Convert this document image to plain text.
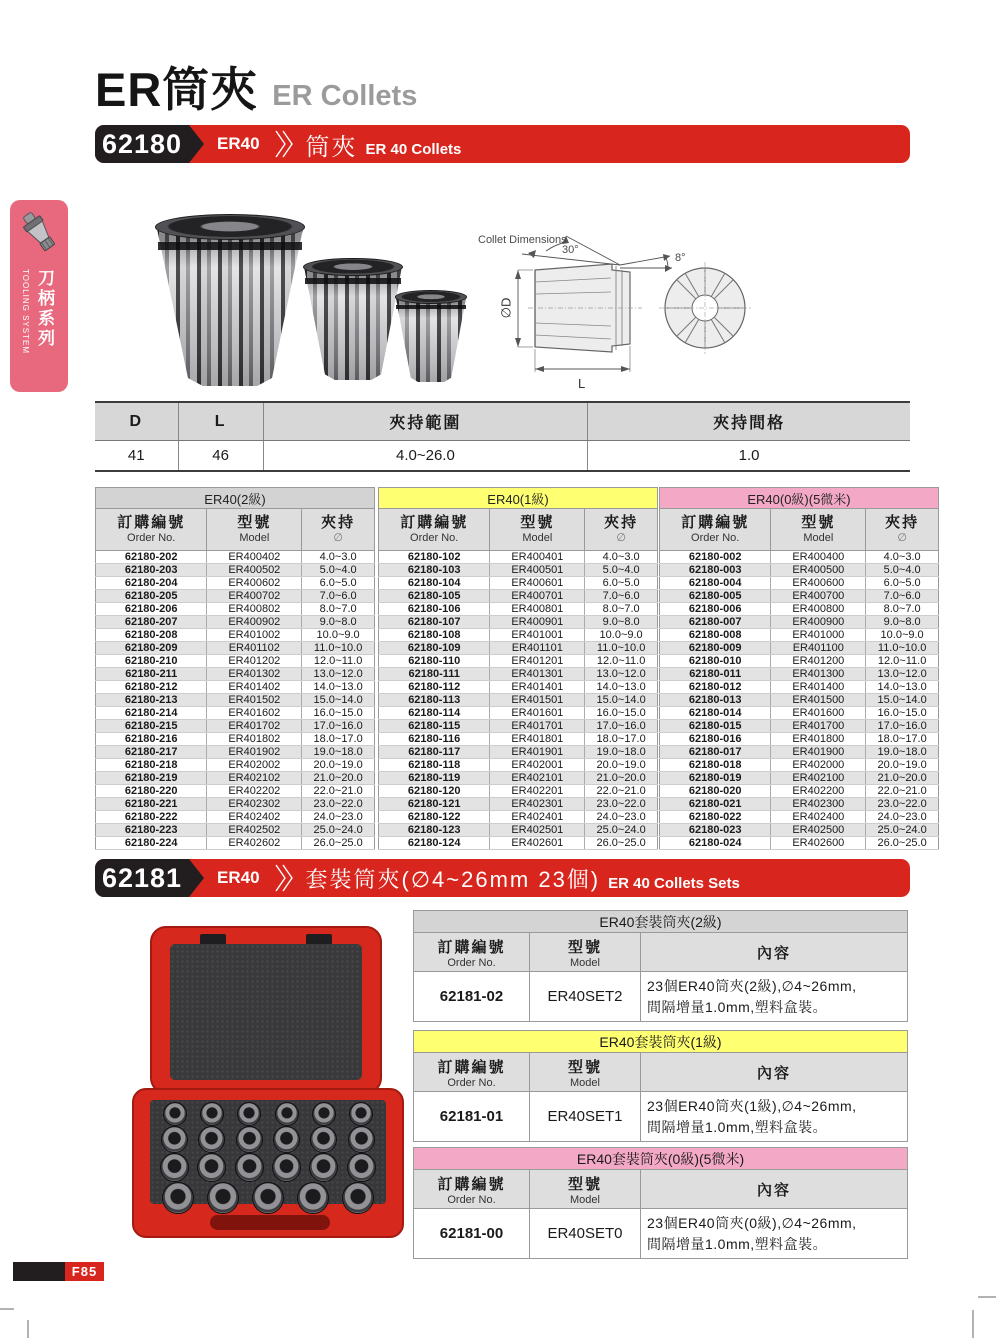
ER筒夾 ER Collets
62180 ER40 筒夾 ER 40 Collets
TOOLING SYSTEM 刀柄系列
Collet Dimensions
30°
8°
∅D
L
D	L	夾持範圍	夾持間格
41	46	4.0~26.0	1.0
ER40(2級)
訂購編號
Order No.
型號
Model
夾持
∅
62180-202	ER400402	4.0~3.0
62180-203	ER400502	5.0~4.0
62180-204	ER400602	6.0~5.0
62180-205	ER400702	7.0~6.0
62180-206	ER400802	8.0~7.0
62180-207	ER400902	9.0~8.0
62180-208	ER401002	10.0~9.0
62180-209	ER401102	11.0~10.0
62180-210	ER401202	12.0~11.0
62180-211	ER401302	13.0~12.0
62180-212	ER401402	14.0~13.0
62180-213	ER401502	15.0~14.0
62180-214	ER401602	16.0~15.0
62180-215	ER401702	17.0~16.0
62180-216	ER401802	18.0~17.0
62180-217	ER401902	19.0~18.0
62180-218	ER402002	20.0~19.0
62180-219	ER402102	21.0~20.0
62180-220	ER402202	22.0~21.0
62180-221	ER402302	23.0~22.0
62180-222	ER402402	24.0~23.0
62180-223	ER402502	25.0~24.0
62180-224	ER402602	26.0~25.0
ER40(1級)
訂購編號
Order No.
型號
Model
夾持
∅
62180-102	ER400401	4.0~3.0
62180-103	ER400501	5.0~4.0
62180-104	ER400601	6.0~5.0
62180-105	ER400701	7.0~6.0
62180-106	ER400801	8.0~7.0
62180-107	ER400901	9.0~8.0
62180-108	ER401001	10.0~9.0
62180-109	ER401101	11.0~10.0
62180-110	ER401201	12.0~11.0
62180-111	ER401301	13.0~12.0
62180-112	ER401401	14.0~13.0
62180-113	ER401501	15.0~14.0
62180-114	ER401601	16.0~15.0
62180-115	ER401701	17.0~16.0
62180-116	ER401801	18.0~17.0
62180-117	ER401901	19.0~18.0
62180-118	ER402001	20.0~19.0
62180-119	ER402101	21.0~20.0
62180-120	ER402201	22.0~21.0
62180-121	ER402301	23.0~22.0
62180-122	ER402401	24.0~23.0
62180-123	ER402501	25.0~24.0
62180-124	ER402601	26.0~25.0
ER40(0級)(5微米)
訂購編號
Order No.
型號
Model
夾持
∅
62180-002	ER400400	4.0~3.0
62180-003	ER400500	5.0~4.0
62180-004	ER400600	6.0~5.0
62180-005	ER400700	7.0~6.0
62180-006	ER400800	8.0~7.0
62180-007	ER400900	9.0~8.0
62180-008	ER401000	10.0~9.0
62180-009	ER401100	11.0~10.0
62180-010	ER401200	12.0~11.0
62180-011	ER401300	13.0~12.0
62180-012	ER401400	14.0~13.0
62180-013	ER401500	15.0~14.0
62180-014	ER401600	16.0~15.0
62180-015	ER401700	17.0~16.0
62180-016	ER401800	18.0~17.0
62180-017	ER401900	19.0~18.0
62180-018	ER402000	20.0~19.0
62180-019	ER402100	21.0~20.0
62180-020	ER402200	22.0~21.0
62180-021	ER402300	23.0~22.0
62180-022	ER402400	24.0~23.0
62180-023	ER402500	25.0~24.0
62180-024	ER402600	26.0~25.0
62181 ER40 套裝筒夾(∅4~26mm 23個) ER 40 Collets Sets
ER40套裝筒夾(2級)
訂購編號
Order No.
型號
Model
內容
62181-02	ER40SET2
23個ER40筒夾(2級),∅4~26mm,
間隔增量1.0mm,塑料盒裝。
ER40套裝筒夾(1級)
訂購編號
Order No.
型號
Model
內容
62181-01	ER40SET1
23個ER40筒夾(1級),∅4~26mm,
間隔增量1.0mm,塑料盒裝。
ER40套裝筒夾(0級)(5微米)
訂購編號
Order No.
型號
Model
內容
62181-00	ER40SET0
23個ER40筒夾(0級),∅4~26mm,
間隔增量1.0mm,塑料盒裝。
F85
